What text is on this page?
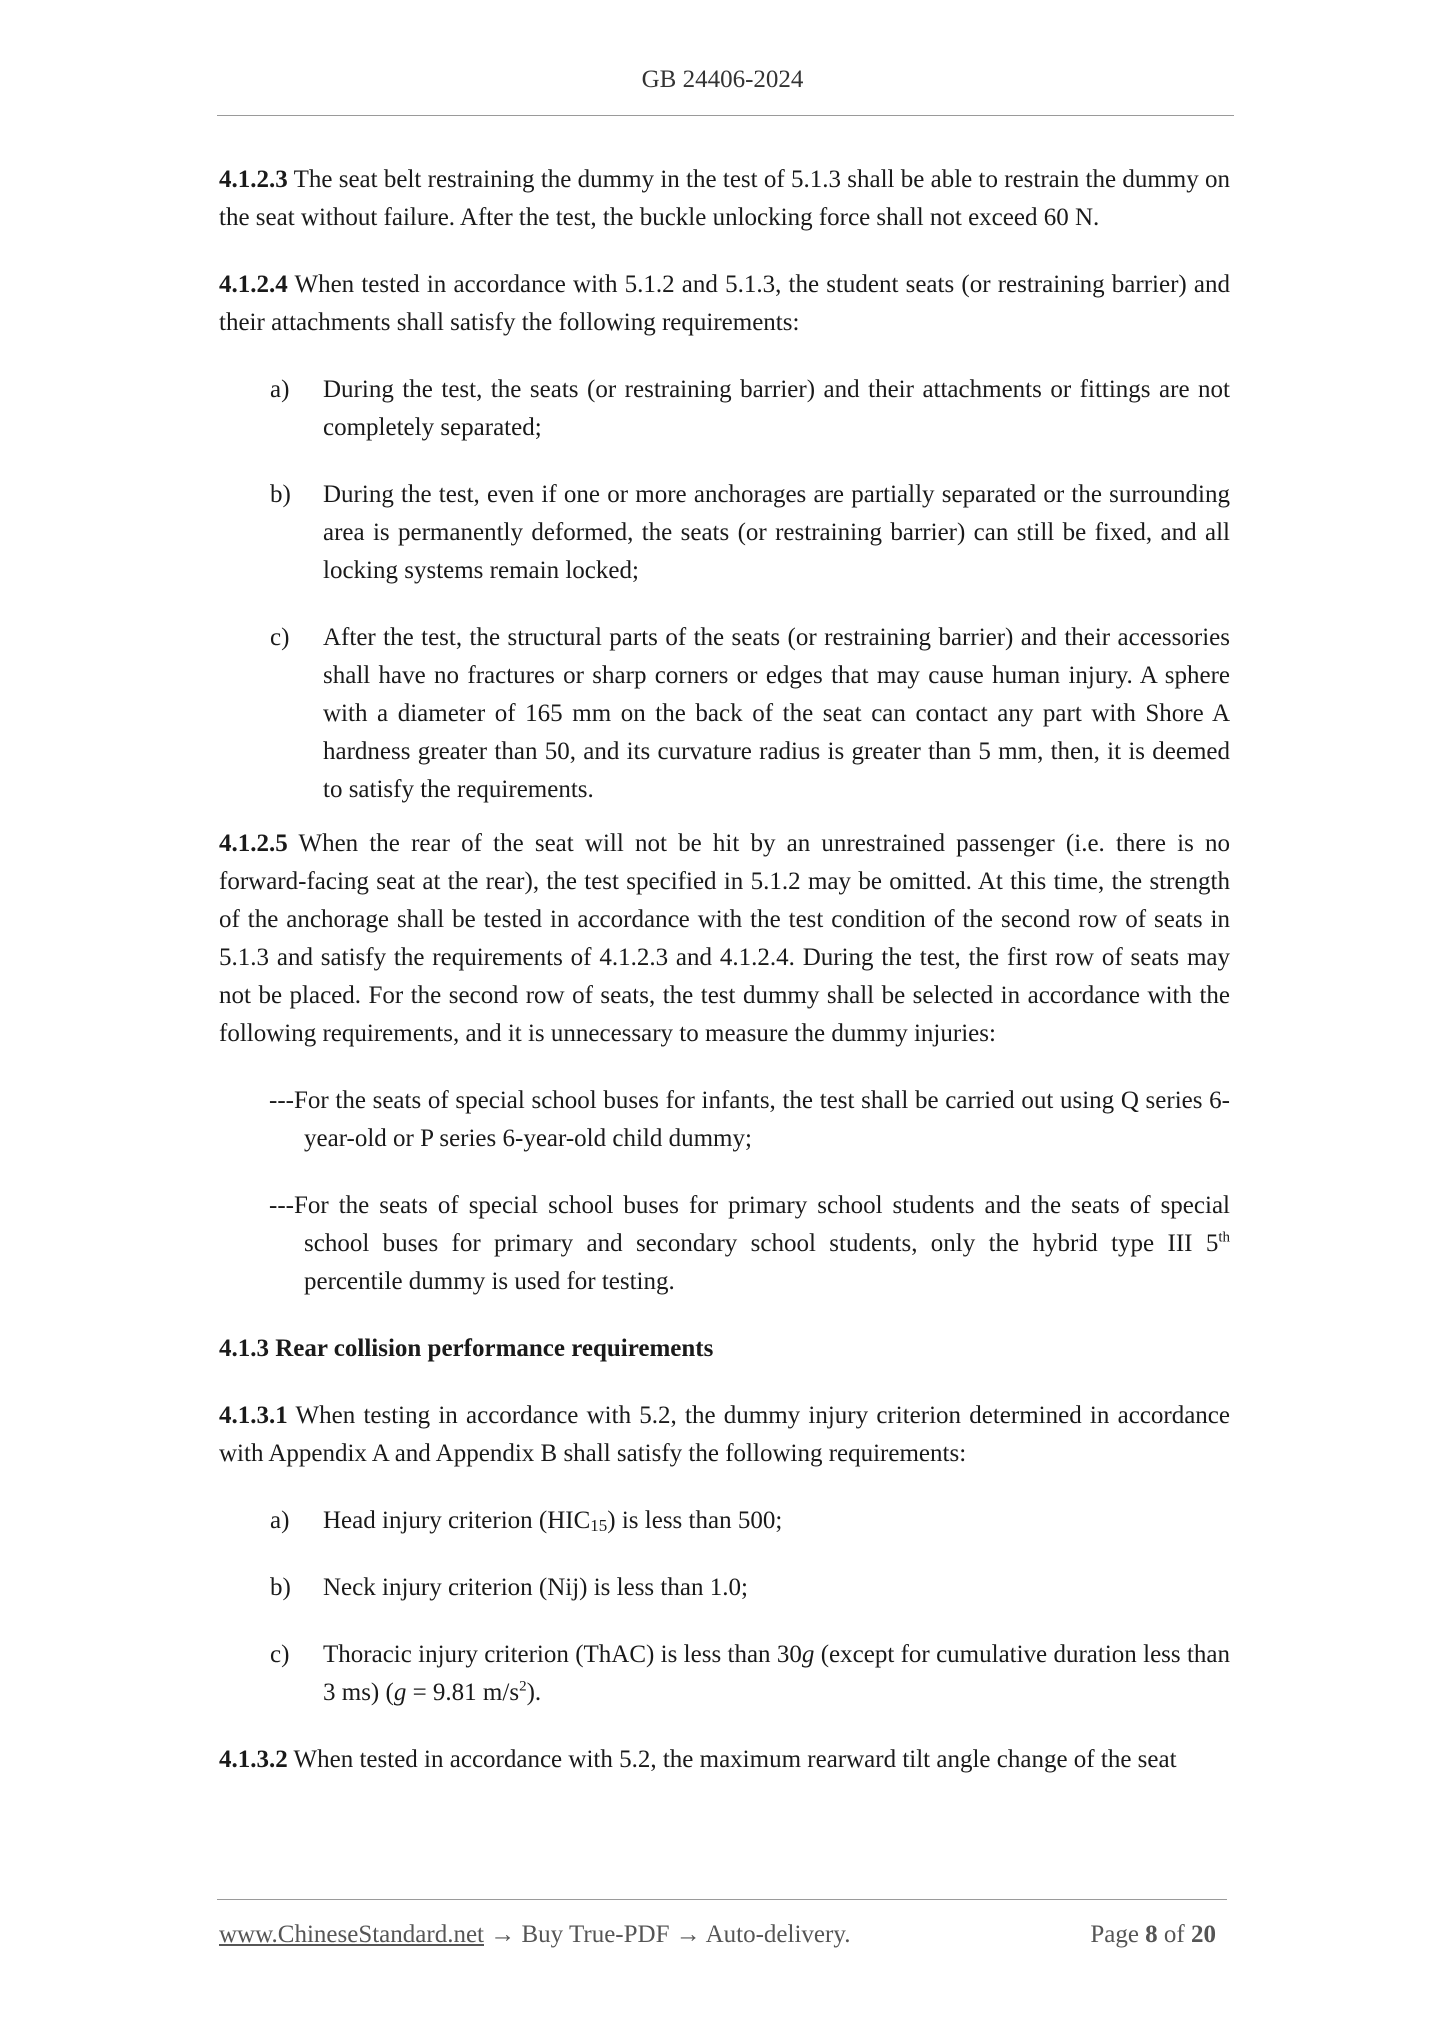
GB 24406-2024

4.1.2.3 The seat belt restraining the dummy in the test of 5.1.3 shall be able to restrain the dummy on the seat without failure. After the test, the buckle unlocking force shall not exceed 60 N.

4.1.2.4 When tested in accordance with 5.1.2 and 5.1.3, the student seats (or restraining barrier) and their attachments shall satisfy the following requirements:

a) During the test, the seats (or restraining barrier) and their attachments or fittings are not completely separated;
b) During the test, even if one or more anchorages are partially separated or the surrounding area is permanently deformed, the seats (or restraining barrier) can still be fixed, and all locking systems remain locked;
c) After the test, the structural parts of the seats (or restraining barrier) and their accessories shall have no fractures or sharp corners or edges that may cause human injury. A sphere with a diameter of 165 mm on the back of the seat can contact any part with Shore A hardness greater than 50, and its curvature radius is greater than 5 mm, then, it is deemed to satisfy the requirements.

4.1.2.5 When the rear of the seat will not be hit by an unrestrained passenger (i.e. there is no forward-facing seat at the rear), the test specified in 5.1.2 may be omitted. At this time, the strength of the anchorage shall be tested in accordance with the test condition of the second row of seats in 5.1.3 and satisfy the requirements of 4.1.2.3 and 4.1.2.4. During the test, the first row of seats may not be placed. For the second row of seats, the test dummy shall be selected in accordance with the following requirements, and it is unnecessary to measure the dummy injuries:

---For the seats of special school buses for infants, the test shall be carried out using Q series 6-year-old or P series 6-year-old child dummy;

---For the seats of special school buses for primary school students and the seats of special school buses for primary and secondary school students, only the hybrid type III 5th percentile dummy is used for testing.

4.1.3 Rear collision performance requirements

4.1.3.1 When testing in accordance with 5.2, the dummy injury criterion determined in accordance with Appendix A and Appendix B shall satisfy the following requirements:

a) Head injury criterion $(HIC_{15})$ is less than 500;
b) Neck injury criterion (Nij) is less than 1.0;
c) Thoracic injury criterion (ThAC) is less than 30g (except for cumulative duration less than 3 ms) (g = 9.81 $m/s^2$).

4.1.3.2 When tested in accordance with 5.2, the maximum rearward tilt angle change of the seat

www.ChineseStandard.net → Buy True-PDF → Auto-delivery.	Page 8 of 20
